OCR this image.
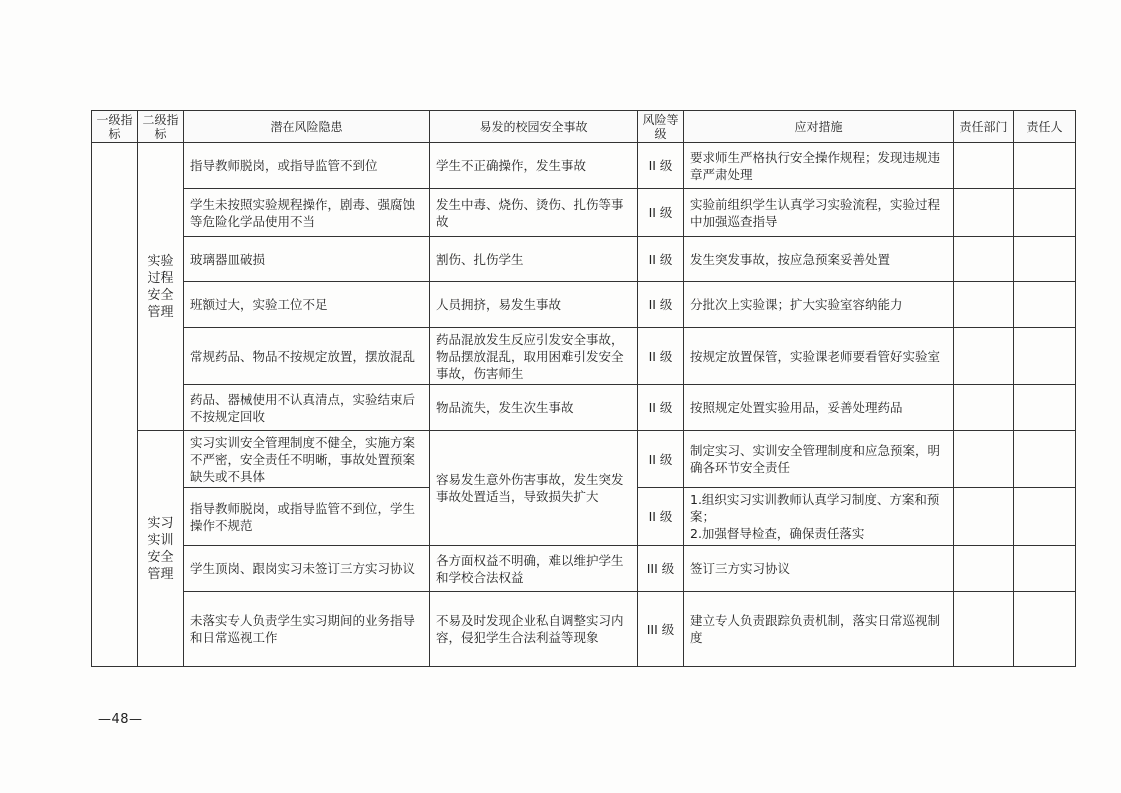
一级指标	二级指标	潜在风险隐患	易发的校园安全事故	风险等级	应对措施	责任部门	责任人
	实验过程安全管理	指导教师脱岗，或指导监管不到位	学生不正确操作，发生事故	II 级	要求师生严格执行安全操作规程；发现违规违章严肃处理		
		学生未按照实验规程操作，剧毒、强腐蚀等危险化学品使用不当	发生中毒、烧伤、烫伤、扎伤等事故	II 级	实验前组织学生认真学习实验流程，实验过程中加强巡查指导		
		玻璃器皿破损	割伤、扎伤学生	II 级	发生突发事故，按应急预案妥善处置		
		班额过大，实验工位不足	人员拥挤，易发生事故	II 级	分批次上实验课；扩大实验室容纳能力		
		常规药品、物品不按规定放置，摆放混乱	药品混放发生反应引发安全事故，物品摆放混乱，取用困难引发安全事故，伤害师生	II 级	按规定放置保管，实验课老师要看管好实验室		
		药品、器械使用不认真清点，实验结束后不按规定回收	物品流失，发生次生事故	II 级	按照规定处置实验用品，妥善处理药品		
	实习实训安全管理	实习实训安全管理制度不健全，实施方案不严密，安全责任不明晰，事故处置预案缺失或不具体	容易发生意外伤害事故，发生突发事故处置适当，导致损失扩大	II 级	制定实习、实训安全管理制度和应急预案，明确各环节安全责任		
		指导教师脱岗，或指导监管不到位，学生操作不规范		II 级	1.组织实习实训教师认真学习制度、方案和预案；
2.加强督导检查，确保责任落实		

		学生顶岗、跟岗实习未签订三方实习协议	各方面权益不明确，难以维护学生和学校合法权益	III 级	签订三方实习协议		
		未落实专人负责学生实习期间的业务指导和日常巡视工作	不易及时发现企业私自调整实习内容，侵犯学生合法利益等现象	III 级	建立专人负责跟踪负责机制，落实日常巡视制度		
—48—
